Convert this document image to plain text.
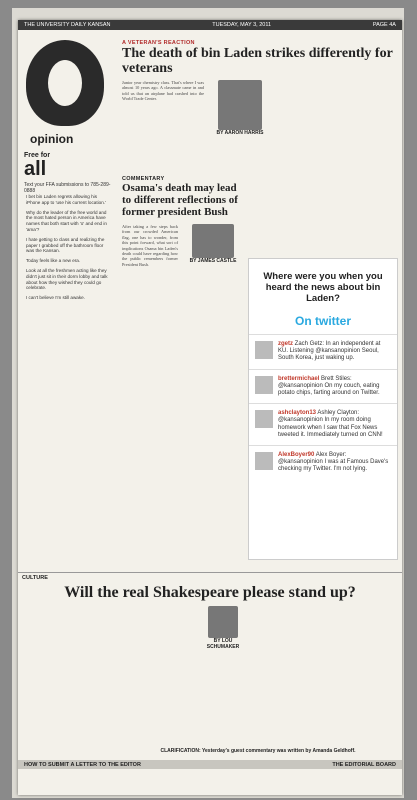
THE UNIVERSITY DAILY KANSAN	TUESDAY, MAY 3, 2011	PAGE 4A
opinion
Free for
all
Text your FFA submissions to 785-289-0888
I bet bin Laden regrets allowing his iPhone app to 'use his current location.'
Why do the leader of the free world and the most hated person in America have names that both start with 'o' and end in 'ama'?
I hate getting to class and realizing the paper I grabbed off the bathroom floor was the Kansan.
Today feels like a new era.
Look at all the freshmen acting like they didn't just sit in their dorm lobby and talk about how they wished they could go celebrate.
I can't believe I'm still awake.
A VETERAN'S REACTION
The death of bin Laden strikes differently for veterans
Junior year chemistry class. That's where I was almost 10 years ago. A classmate came in and told us that an airplane had crashed into the World Trade Center.
BY AARON HARRIS
COMMENTARY
Osama's death may lead to different reflections of former president Bush
After taking a few steps back from our crowded American flag, one has to wonder, from this point forward, what sort of implications Osama bin Laden's death could have regarding how the public remembers former President Bush.
BY JAMES CASTLE
Where were you when you heard the news about bin Laden?
On twitter
zgetz Zach Getz: In an independent at KU. Listening @kansanopinion Seoul, South Korea, just waking up.
brettermichael Brett Stiles: @kansanopinion On my couch, eating potato chips, farting around on Twitter.
ashclayton13 Ashley Clayton: @kansanopinion In my room doing homework when I saw that Fox News tweeted it. Immediately turned on CNN!
AlexBoyer90 Alex Boyer: @kansanopinion I was at Famous Dave's checking my Twitter. I'm not lying.
CULTURE
Will the real Shakespeare please stand up?
BY LOU SCHUMAKER
CLARIFICATION: Yesterday's guest commentary was written by Amanda Geldhoff.
HOW TO SUBMIT A LETTER TO THE EDITOR	THE EDITORIAL BOARD
